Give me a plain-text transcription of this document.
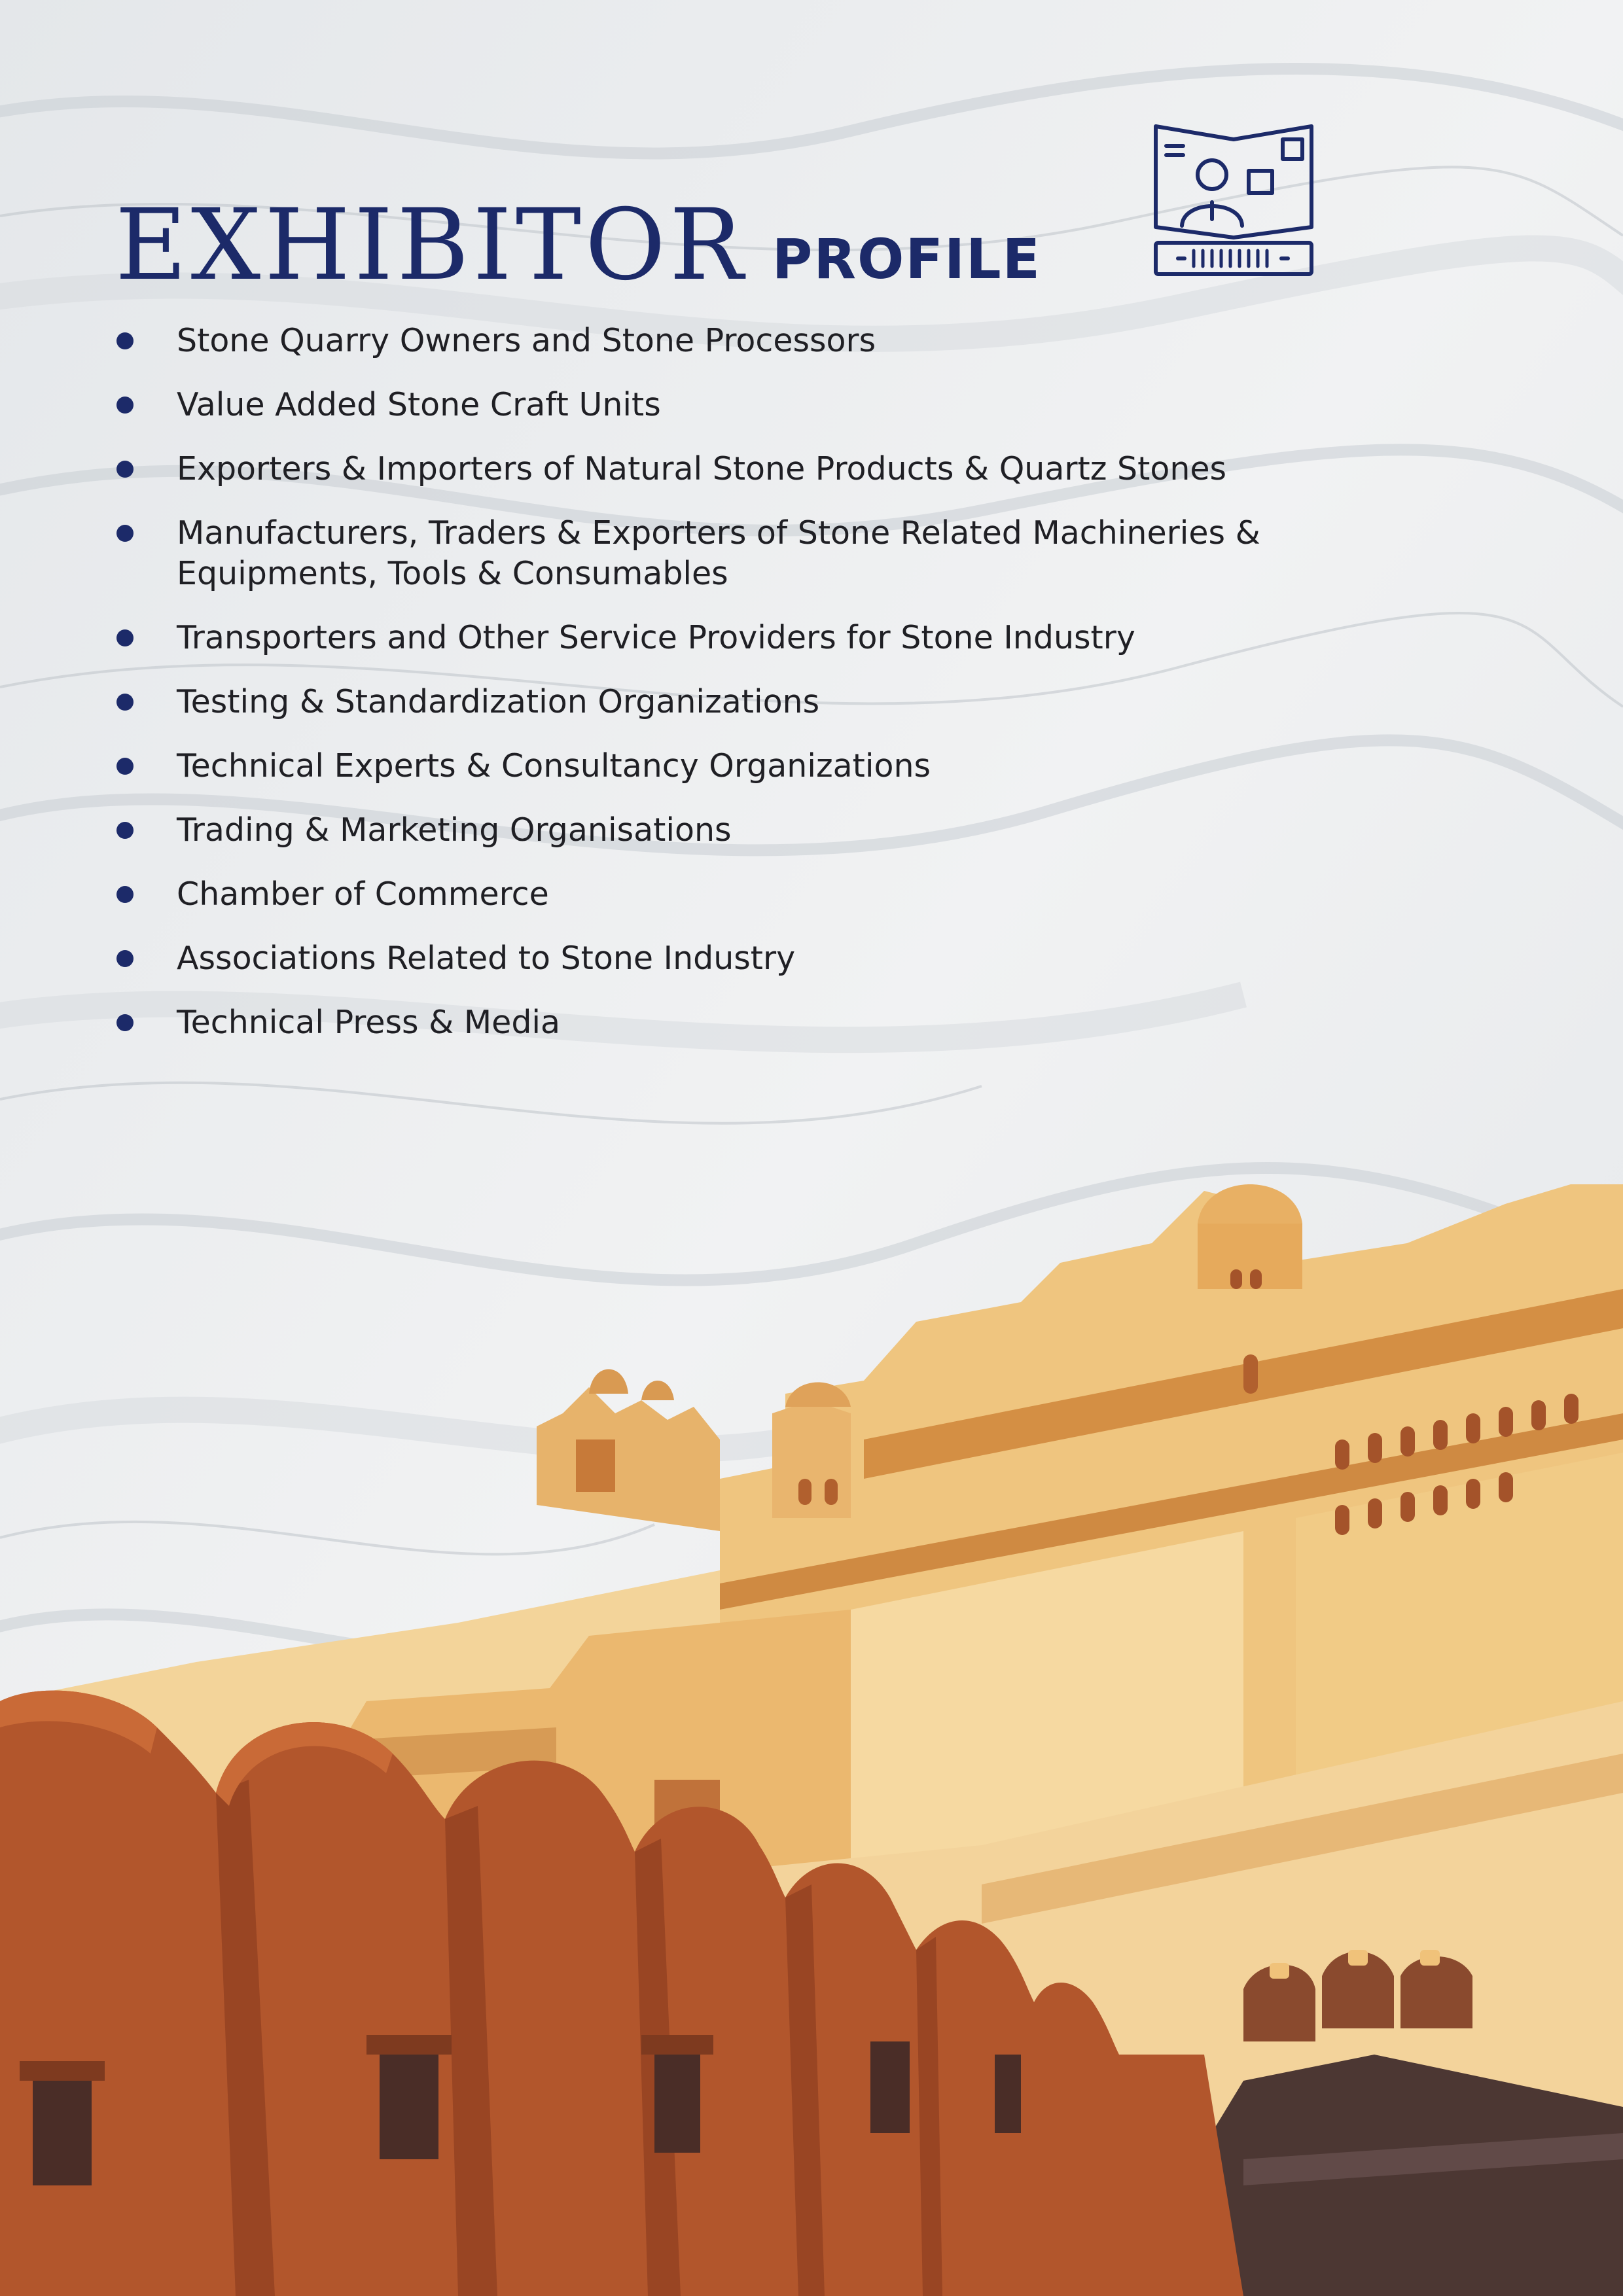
EXHIBITOR PROFILE
Stone Quarry Owners and Stone Processors
Value Added Stone Craft Units
Exporters & Importers of Natural Stone Products & Quartz Stones
Manufacturers, Traders & Exporters of Stone Related Machineries & Equipments, Tools & Consumables
Transporters and Other Service Providers for Stone Industry
Testing & Standardization Organizations
Technical Experts & Consultancy Organizations
Trading & Marketing Organisations
Chamber of Commerce
Associations Related to Stone Industry
Technical Press & Media
